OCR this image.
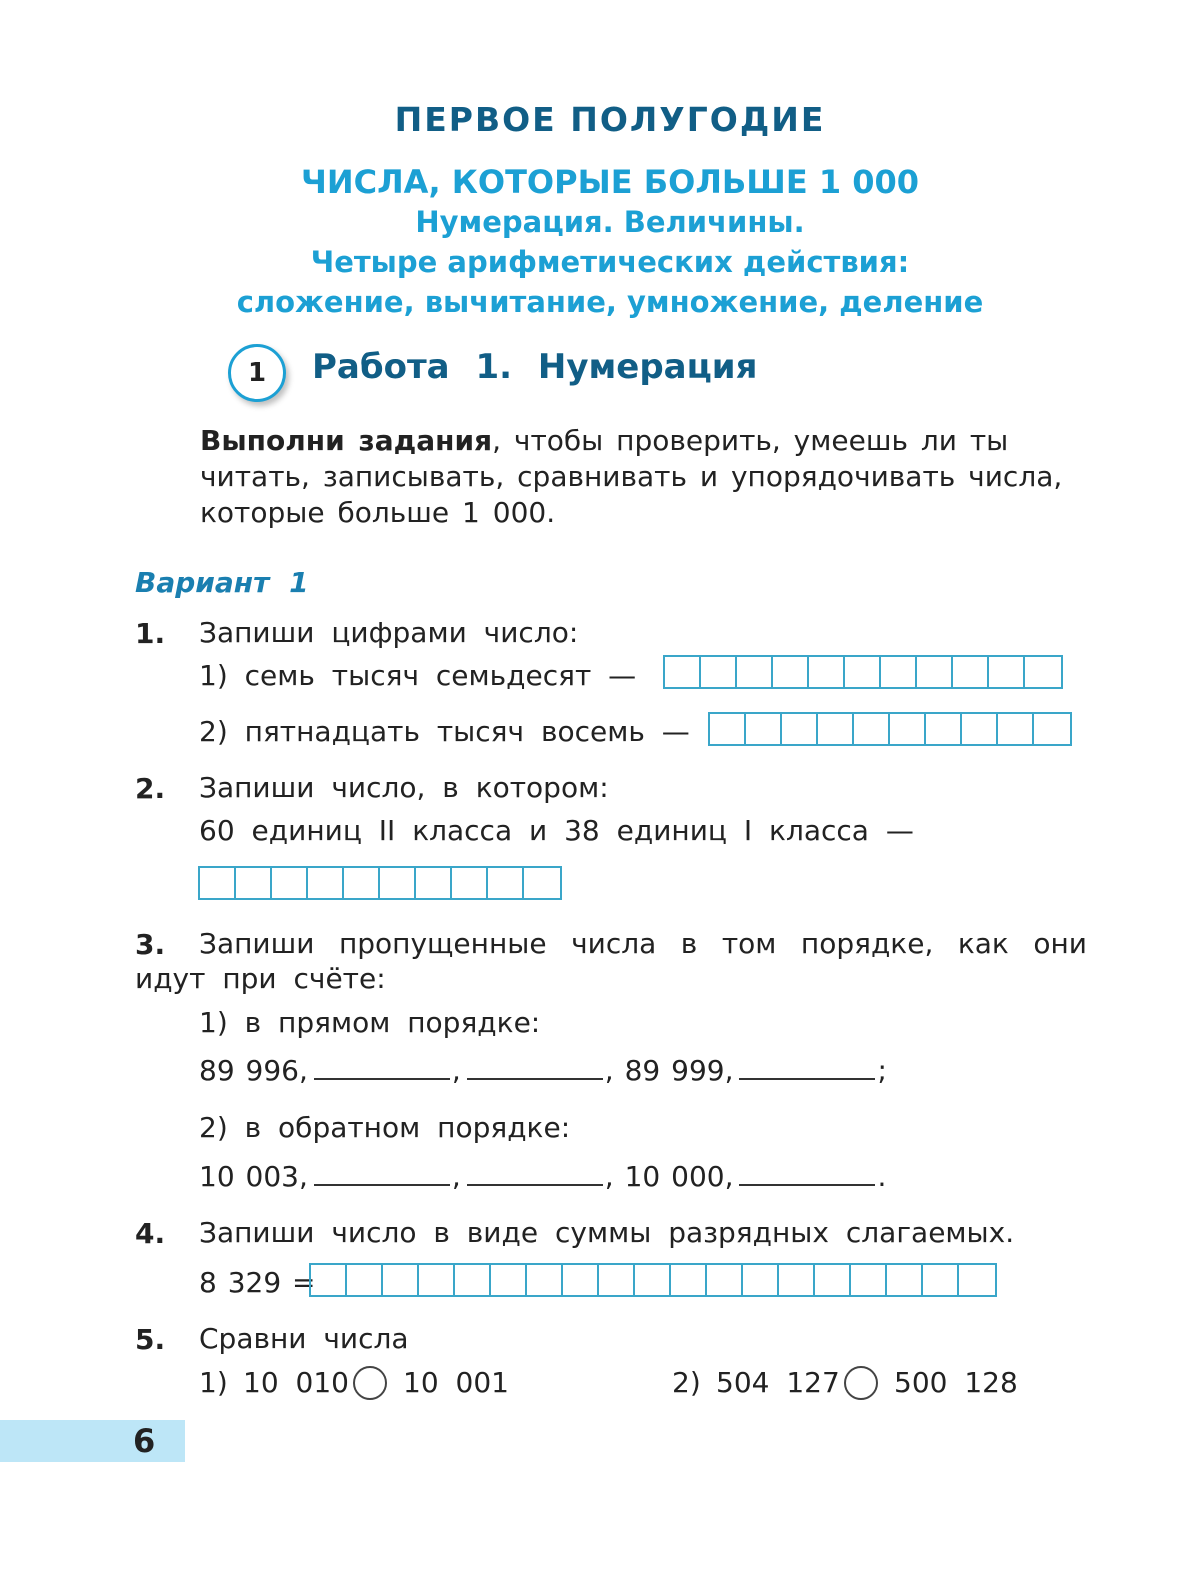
ПЕРВОЕ ПОЛУГОДИЕ
ЧИСЛА, КОТОРЫЕ БОЛЬШЕ 1 000
Нумерация. Величины.
Четыре арифметических действия:
сложение, вычитание, умножение, деление
1	Работа 1. Нумерация
Выполни задания, чтобы проверить, умеешь ли ты
читать, записывать, сравнивать и упорядочивать числа,
которые больше 1 000.
Вариант 1
1. Запиши цифрами число:
1) семь тысяч семьдесят —
2) пятнадцать тысяч восемь —
2. Запиши число, в котором:
60 единиц II класса и 38 единиц I класса —
3. Запиши пропущенные числа в том порядке, как они
идут при счёте:
1) в прямом порядке:
89 996,	,	, 89 999,	;
2) в обратном порядке:
10 003,	,	, 10 000,	.
4. Запиши число в виде суммы разрядных слагаемых.
8 329 =
5. Сравни числа
1) 10 010 10 001	2) 504 127 500 128
6
